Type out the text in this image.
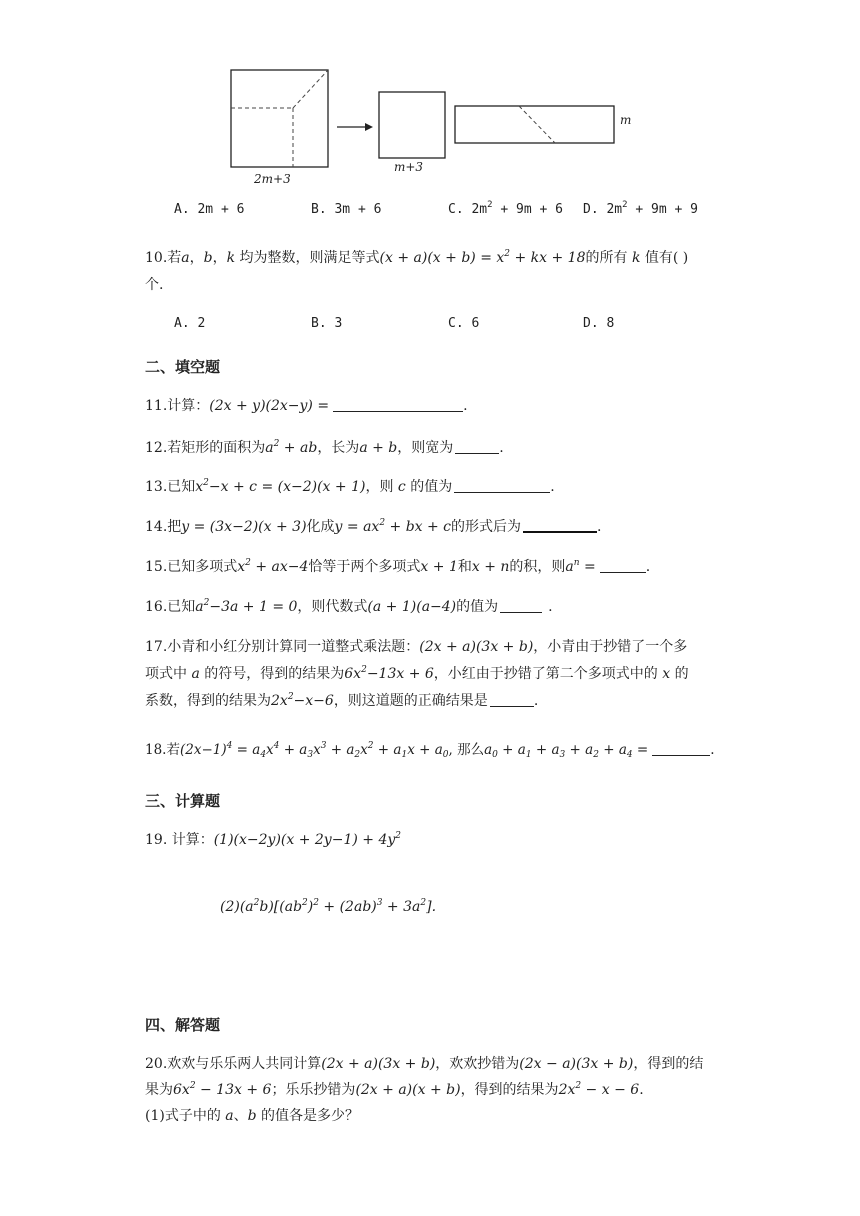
2m+3
m+3
m
A. 2m + 6	B. 3m + 6	C. $2m^2 + 9m + 6$ D. $2m^2 + 9m + 9$
10.若a，b，k 均为整数，则满足等式$(x + a)(x + b) = x^2$ + kx + 18的所有 k 值有( )
个.
A. 2	B. 3	C. 6	D. 8
二、填空题
11.计算：(2x + y)(2x−y) =	.
12.若矩形的面积为$a^2$ + ab，长为a + b，则宽为	.
13.已知$x^2-x + c = (x-2)(x + 1)$，则 c 的值为	.
14.把y = (3x−2)(x + 3)化成$y = ax^2$ + bx + c的形式后为	.
15.已知多项式$x^2 + ax-4$恰等于两个多项式x + 1和x + n的积，则$a^n$ =	.
16.已知$a^2-3a + 1 = 0$，则代数式(a + 1)(a−4)的值为	.
17.小青和小红分别计算同一道整式乘法题：(2x + a)(3x + b)，小青由于抄错了一个多
项式中 a 的符号，得到的结果为$6x^2-13x + 6$，小红由于抄错了第二个多项式中的 x 的
系数，得到的结果为$2x^2-x-6$，则这道题的正确结果是	.
18.若$(2x-1)^4 = a_4x^4 + a_3x^3 + a_2x^2 + a_1x + a_0$, 那么$a_0 + a_1 + a_3 + a_2 + a_4$ =	.
三、计算题
19. 计算：$(1)(x-2y)(x + 2y-1) + 4y^2$
$(2)(a^2b)[(ab^2)^2 + (2ab)^3 + 3a^2]$.
四、解答题
20.欢欢与乐乐两人共同计算(2x + a)(3x + b)，欢欢抄错为(2x − a)(3x + b)，得到的结
果为$6x^2 - 13x + 6$；乐乐抄错为(2x + a)(x + b)，得到的结果为$2x^2 - x - 6$.
(1)式子中的 a、b 的值各是多少？
